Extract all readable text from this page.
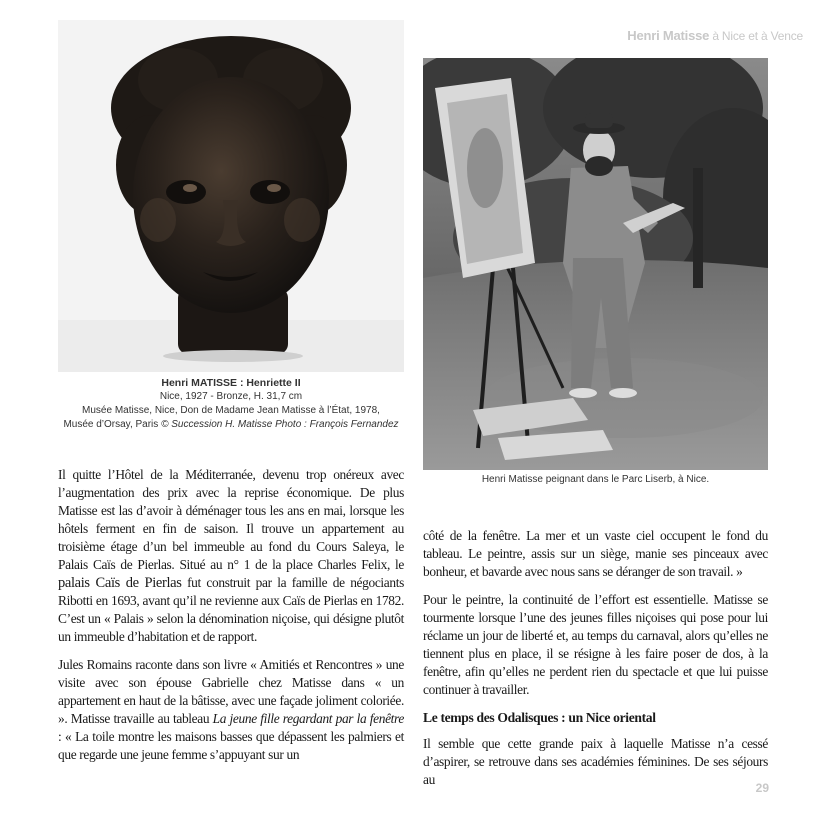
Henri Matisse à Nice et à Vence
Henri MATISSE : Henriette II
Nice, 1927 - Bronze, H. 31,7 cm
Musée Matisse, Nice, Don de Madame Jean Matisse à l’État, 1978,
Musée d’Orsay, Paris © Succession H. Matisse Photo : François Fernandez
Henri Matisse peignant dans le Parc Liserb, à Nice.

Il quitte l’Hôtel de la Méditerranée, devenu trop onéreux avec l’augmentation des prix avec la reprise économique. De plus Matisse est las d’avoir à déménager tous les ans en mai, lorsque les hôtels ferment en fin de saison. Il trouve un appartement au troisième étage d’un bel immeuble au fond du Cours Saleya, le Palais Caïs de Pierlas. Situé au n° 1 de la place Charles Felix, le palais Caïs de Pierlas fut construit par la famille de négociants Ribotti en 1693, avant qu’il ne revienne aux Caïs de Pierlas en 1782. C’est un « Palais » selon la dénomination niçoise, qui désigne plutôt un immeuble d’habitation et de rapport.

Jules Romains raconte dans son livre « Amitiés et Rencontres » une visite avec son épouse Gabrielle chez Matisse dans « un appartement en haut de la bâtisse, avec une façade joliment coloriée. ». Matisse travaille au tableau La jeune fille regardant par la fenêtre : « La toile montre les maisons basses que dépassent les palmiers et que regarde une jeune femme s’appuyant sur un

côté de la fenêtre. La mer et un vaste ciel occupent le fond du tableau. Le peintre, assis sur un siège, manie ses pinceaux avec bonheur, et bavarde avec nous sans se déranger de son travail. »

Pour le peintre, la continuité de l’effort est essentielle. Matisse se tourmente lorsque l’une des jeunes filles niçoises qui pose pour lui réclame un jour de liberté et, au temps du carnaval, alors qu’elles ne tiennent plus en place, il se résigne à les faire poser de dos, à la fenêtre, afin qu’elles ne perdent rien du spectacle et que lui puisse continuer à travailler.

Le temps des Odalisques : un Nice oriental

Il semble que cette grande paix à laquelle Matisse n’a cessé d’aspirer, se retrouve dans ses académies féminines. De ses séjours au

29
